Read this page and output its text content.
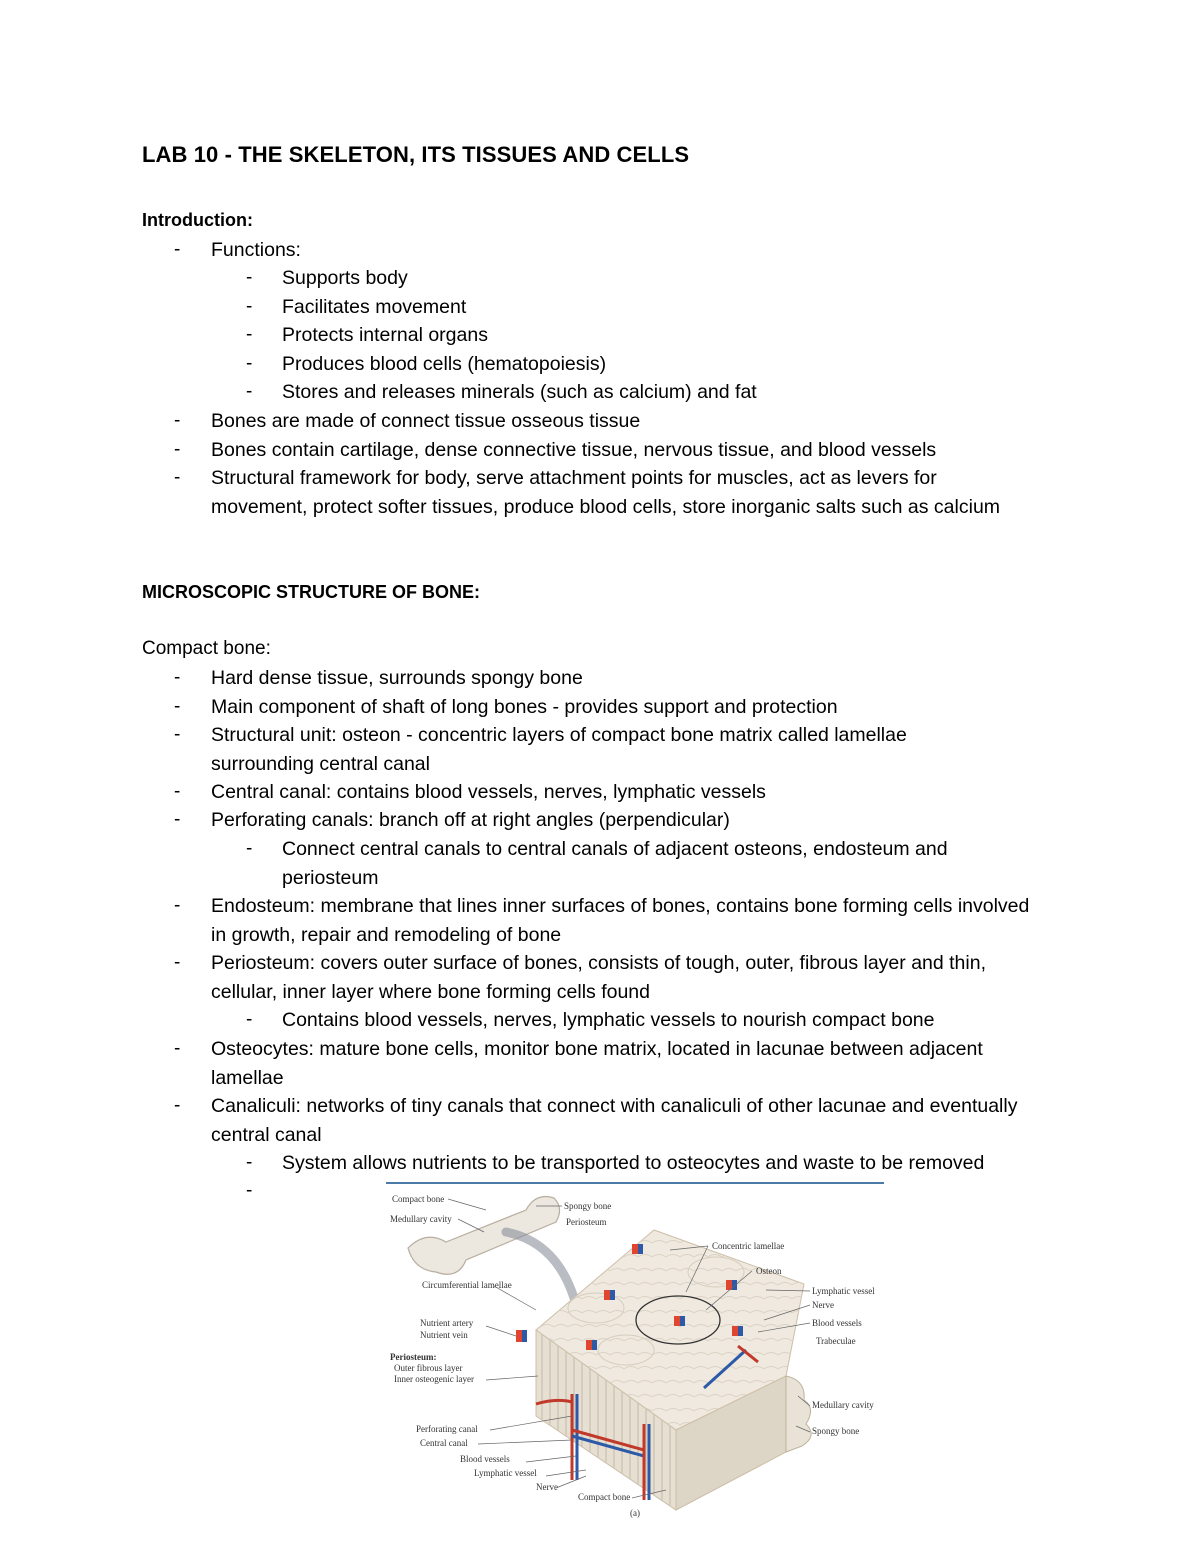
LAB 10 - THE SKELETON, ITS TISSUES AND CELLS
Introduction:
- Functions:
- Supports body
- Facilitates movement
- Protects internal organs
- Produces blood cells (hematopoiesis)
- Stores and releases minerals (such as calcium) and fat
- Bones are made of connect tissue osseous tissue
- Bones contain cartilage, dense connective tissue, nervous tissue, and blood vessels
- Structural framework for body, serve attachment points for muscles, act as levers for movement, protect softer tissues, produce blood cells, store inorganic salts such as calcium
MICROSCOPIC STRUCTURE OF BONE:
Compact bone:
- Hard dense tissue, surrounds spongy bone
- Main component of shaft of long bones - provides support and protection
- Structural unit: osteon - concentric layers of compact bone matrix called lamellae surrounding central canal
- Central canal: contains blood vessels, nerves, lymphatic vessels
- Perforating canals: branch off at right angles (perpendicular)
- Connect central canals to central canals of adjacent osteons, endosteum and periosteum
- Endosteum: membrane that lines inner surfaces of bones, contains bone forming cells involved in growth, repair and remodeling of bone
- Periosteum: covers outer surface of bones, consists of tough, outer, fibrous layer and thin, cellular, inner layer where bone forming cells found
- Contains blood vessels, nerves, lymphatic vessels to nourish compact bone
- Osteocytes: mature bone cells, monitor bone matrix, located in lacunae between adjacent lamellae
- Canaliculi: networks of tiny canals that connect with canaliculi of other lacunae and eventually central canal
- System allows nutrients to be transported to osteocytes and waste to be removed
-	Compact bone
Medullary cavity
Circumferential lamellae
Nutrient artery
Nutrient vein
Periosteum:
Outer fibrous layer
Inner osteogenic layer
Perforating canal
Central canal
Blood vessels
Lymphatic vessel
Nerve
Compact bone
(a)
Spongy bone
Periosteum
Concentric lamellae
Osteon
Lymphatic vessel
Nerve
Blood vessels
Trabeculae
Medullary cavity
Spongy bone
